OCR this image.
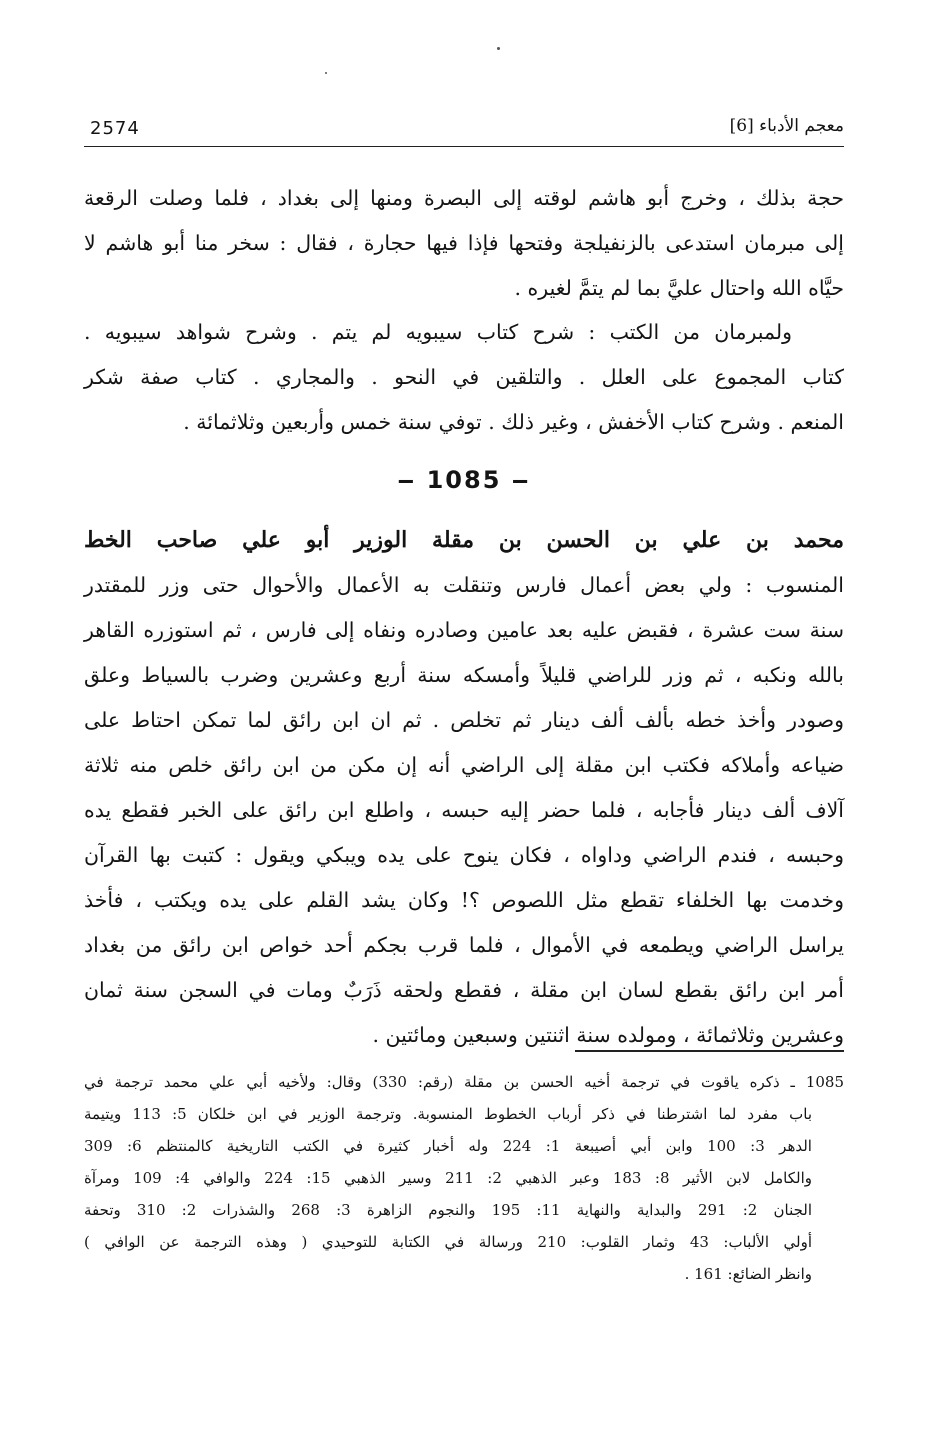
2574	معجم الأدباء [6]
حجة بذلك ، وخرج أبو هاشم لوقته إلى البصرة ومنها إلى بغداد ، فلما وصلت الرقعة
إلى مبرمان استدعى بالزنفيلجة وفتحها فإذا فيها حجارة ، فقال : سخر منا أبو هاشم لا
حيَّاه الله واحتال عليَّ بما لم يتمَّ لغيره .
ولمبرمان من الكتب : شرح كتاب سيبويه لم يتم . وشرح شواهد سيبويه .
كتاب المجموع على العلل . والتلقين في النحو . والمجاري . كتاب صفة شكر
المنعم . وشرح كتاب الأخفش ، وغير ذلك . توفي سنة خمس وأربعين وثلاثمائة .
‒ 1085 ‒
محمد بن علي بن الحسن بن مقلة الوزير أبو علي صاحب الخط
المنسوب : ولي بعض أعمال فارس وتنقلت به الأعمال والأحوال حتى وزر للمقتدر
سنة ست عشرة ، فقبض عليه بعد عامين وصادره ونفاه إلى فارس ، ثم استوزره القاهر
بالله ونكبه ، ثم وزر للراضي قليلاً وأمسكه سنة أربع وعشرين وضرب بالسياط وعلق
وصودر وأخذ خطه بألف ألف دينار ثم تخلص . ثم ان ابن رائق لما تمكن احتاط على
ضياعه وأملاكه فكتب ابن مقلة إلى الراضي أنه إن مكن من ابن رائق خلص منه ثلاثة
آلاف ألف دينار فأجابه ، فلما حضر إليه حبسه ، واطلع ابن رائق على الخبر فقطع يده
وحبسه ، فندم الراضي وداواه ، فكان ينوح على يده ويبكي ويقول : كتبت بها القرآن
وخدمت بها الخلفاء تقطع مثل اللصوص ؟! وكان يشد القلم على يده ويكتب ، فأخذ
يراسل الراضي ويطمعه في الأموال ، فلما قرب بجكم أحد خواص ابن رائق من بغداد
أمر ابن رائق بقطع لسان ابن مقلة ، فقطع ولحقه ذَرَبٌ ومات في السجن سنة ثمان
وعشرين وثلاثمائة ، ومولده سنة اثنتين وسبعين ومائتين .
1085 ـ ذكره ياقوت في ترجمة أخيه الحسن بن مقلة (رقم: 330) وقال: ولأخيه أبي علي محمد ترجمة في
باب مفرد لما اشترطنا في ذكر أرباب الخطوط المنسوبة. وترجمة الوزير في ابن خلكان 5: 113 ويتيمة
الدهر 3: 100 وابن أبي أصيبعة 1: 224 وله أخبار كثيرة في الكتب التاريخية كالمنتظم 6: 309
والكامل لابن الأثير 8: 183 وعبر الذهبي 2: 211 وسير الذهبي 15: 224 والوافي 4: 109 ومرآة
الجنان 2: 291 والبداية والنهاية 11: 195 والنجوم الزاهرة 3: 268 والشذرات 2: 310 وتحفة
أولي الألباب: 43 وثمار القلوب: 210 ورسالة في الكتابة للتوحيدي ( وهذه الترجمة عن الوافي )
وانظر الضائع: 161 .
